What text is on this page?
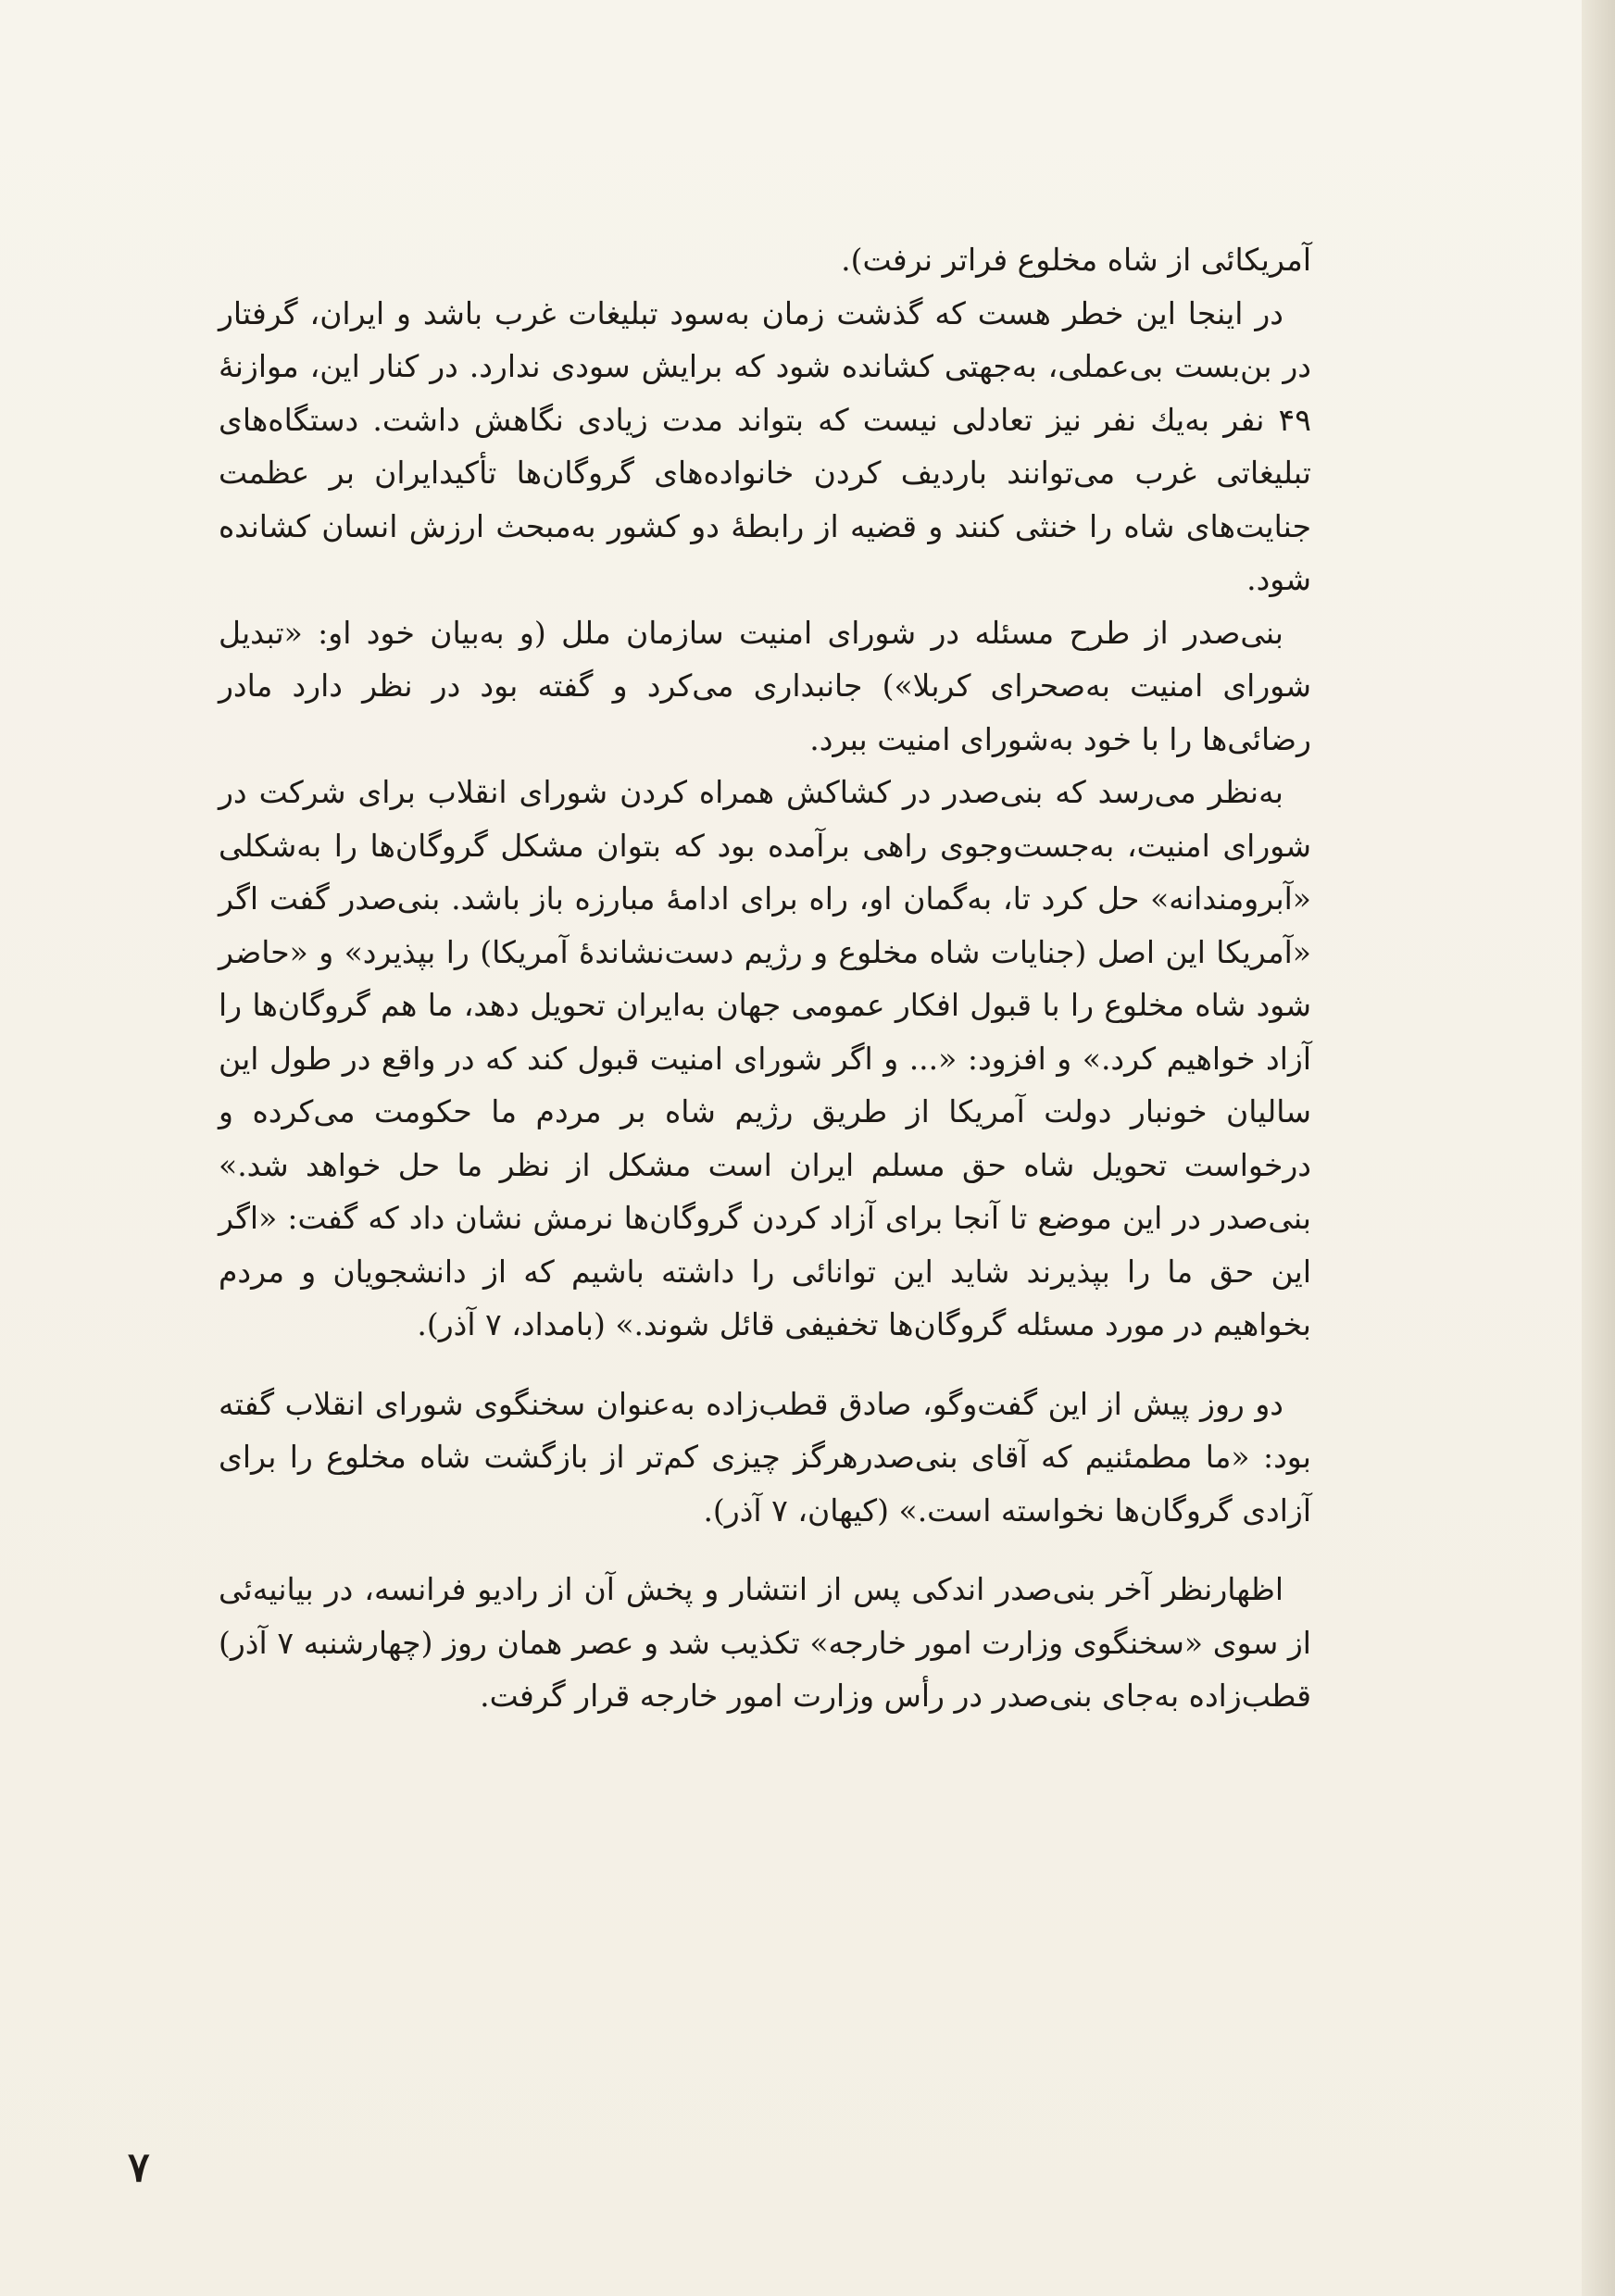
آمریکائی از شاه مخلوع فراتر نرفت).

در اینجا این خطر هست که گذشت زمان به‌سود تبلیغات غرب باشد و ایران، گرفتار در بن‌بست بی‌عملی، به‌جهتی کشانده شود که برایش سودی ندارد. در کنار این، موازنهٔ ۴۹ نفر به‌یك نفر نیز تعادلی نیست که بتواند مدت زیادی نگاهش داشت. دستگاه‌های تبلیغاتی غرب می‌توانند باردیف کردن خانواده‌های گروگان‌ها تأکیدایران بر عظمت جنایت‌های شاه را خنثی کنند و قضیه از رابطهٔ دو کشور به‌مبحث ارزش انسان کشانده شود.

بنی‌صدر از طرح مسئله در شورای امنیت سازمان ملل (و به‌بیان خود او: «تبدیل شورای امنیت به‌صحرای کربلا») جانبداری می‌کرد و گفته بود در نظر دارد مادر رضائی‌ها را با خود به‌شورای امنیت ببرد.

به‌نظر می‌رسد که بنی‌صدر در کشاکش همراه کردن شورای انقلاب برای شرکت در شورای امنیت، به‌جست‌وجوی راهی برآمده بود که بتوان مشکل گروگان‌ها را به‌شکلی «آبرومندانه» حل کرد تا، به‌گمان او، راه برای ادامهٔ مبارزه باز باشد. بنی‌صدر گفت اگر «آمریکا این اصل (جنایات شاه مخلوع و رژیم دست‌نشاندهٔ آمریکا) را بپذیرد» و «حاضر شود شاه مخلوع را با قبول افکار عمومی جهان به‌ایران تحویل دهد، ما هم گروگان‌ها را آزاد خواهیم کرد.» و افزود: «... و اگر شورای امنیت قبول کند که در واقع در طول این سالیان خونبار دولت آمریکا از طریق رژیم شاه بر مردم ما حکومت می‌کرده و درخواست تحویل شاه حق مسلم ایران است مشکل از نظر ما حل خواهد شد.» بنی‌صدر در این موضع تا آنجا برای آزاد کردن گروگان‌ها نرمش نشان داد که گفت: «اگر این حق ما را بپذیرند شاید این توانائی را داشته باشیم که از دانشجویان و مردم بخواهیم در مورد مسئله گروگان‌ها تخفیفی قائل شوند.» (بامداد، ۷ آذر).

دو روز پیش از این گفت‌وگو، صادق قطب‌زاده به‌عنوان سخنگوی شورای انقلاب گفته بود: «ما مطمئنیم که آقای بنی‌صدرهرگز چیزی کم‌تر از بازگشت شاه مخلوع را برای آزادی گروگان‌ها نخواسته است.» (کیهان، ۷ آذر).

اظهارنظر آخر بنی‌صدر اندکی پس از انتشار و پخش آن از رادیو فرانسه، در بیانیه‌ئی از سوی «سخنگوی وزارت امور خارجه» تکذیب شد و عصر همان روز (چهارشنبه ۷ آذر) قطب‌زاده به‌جای بنی‌صدر در رأس وزارت امور خارجه قرار گرفت.

۷
